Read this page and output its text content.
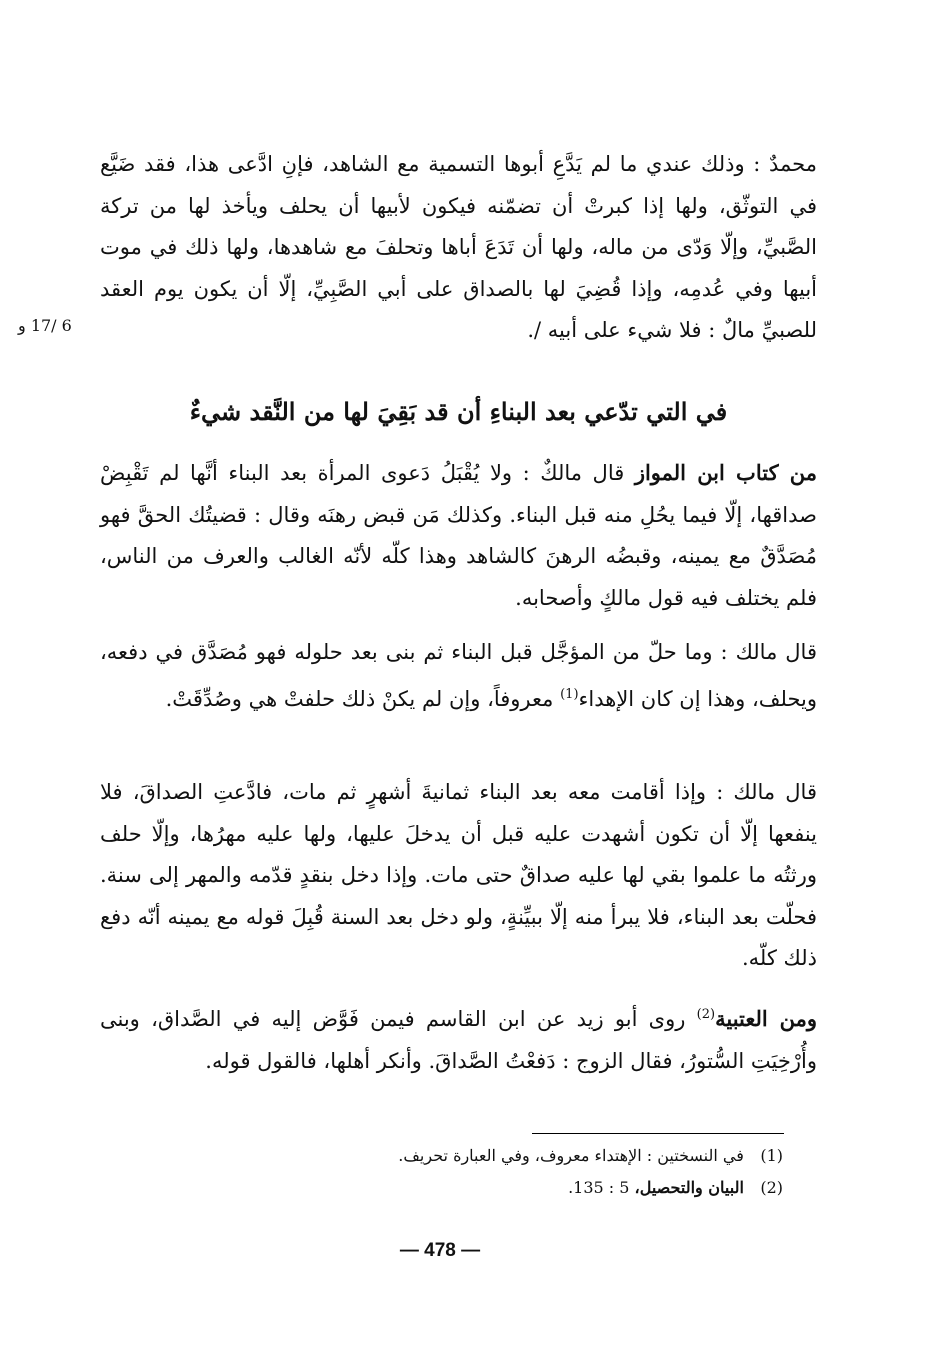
6 /17 و

محمدٌ : وذلك عندي ما لم يَدَّعِ أبوها التسمية مع الشاهد، فإنِ ادَّعى هذا، فقد ضَيَّع في التوثّق، ولها إذا كبرتْ أن تضمّنه فيكون لأبيها أن يحلف ويأخذ لها من تركة الصَّبيِّ، وإلّا وَدّى من ماله، ولها أن تَدَعَ أباها وتحلفَ مع شاهدها، ولها ذلك في موت أبيها وفي عُدمِه، وإذا قُضِيَ لها بالصداق على أبي الصَّبِيِّ، إلّا أن يكون يوم العقد للصبيِّ مالٌ : فلا شيء على أبيه /.

في التي تدّعي بعد البناءِ أن قد بَقِيَ لها من النَّقد شيءٌ

من كتاب ابن المواز قال مالكٌ : ولا يُقْبَلُ دَعوى المرأة بعد البناء أنَّها لم تَقْبِضْ صداقها، إلّا فيما يحُلِ منه قبل البناء. وكذلك مَن قبض رهنَه وقال : قضيتُك الحقَّ فهو مُصَدَّقٌ مع يمينه، وقبضُه الرهنَ كالشاهد وهذا كلّه لأنّه الغالب والعرف من الناس، فلم يختلف فيه قول مالكٍ وأصحابه.

قال مالك : وما حلّ من المؤجَّل قبل البناء ثم بنى بعد حلوله فهو مُصَدَّق في دفعه، ويحلف، وهذا إن كان الإهداء$^{(1)}$ معروفاً، وإن لم يكنْ ذلك حلفتْ هي وصُدِّقَتْ.

قال مالك : وإذا أقامت معه بعد البناء ثمانيةَ أشهرٍ ثم مات، فادَّعتِ الصداقَ، فلا ينفعها إلّا أن تكون أشهدت عليه قبل أن يدخلَ عليها، ولها عليه مهرُها، وإلّا حلف ورثتُه ما علموا بقي لها عليه صداقٌ حتى مات. وإذا دخل بنقدٍ قدّمه والمهر إلى سنة. فحلّت بعد البناء، فلا يبرأ منه إلّا ببيِّنةٍ، ولو دخل بعد السنة قُبِلَ قوله مع يمينه أنّه دفع ذلك كلّه.

ومن العتبية$^{(2)}$ روى أبو زيد عن ابن القاسم فيمن فَوَّض إليه في الصَّداق، وبنى وأُرْخِيَتِ السُّتورُ، فقال الزوج : دَفعْتُ الصَّداقَ. وأنكر أهلها، فالقول قوله.

(1) في النسختين : الإهتداء معروف، وفي العبارة تحريف.
(2) البيان والتحصيل، 5 : 135.
— 478 —
